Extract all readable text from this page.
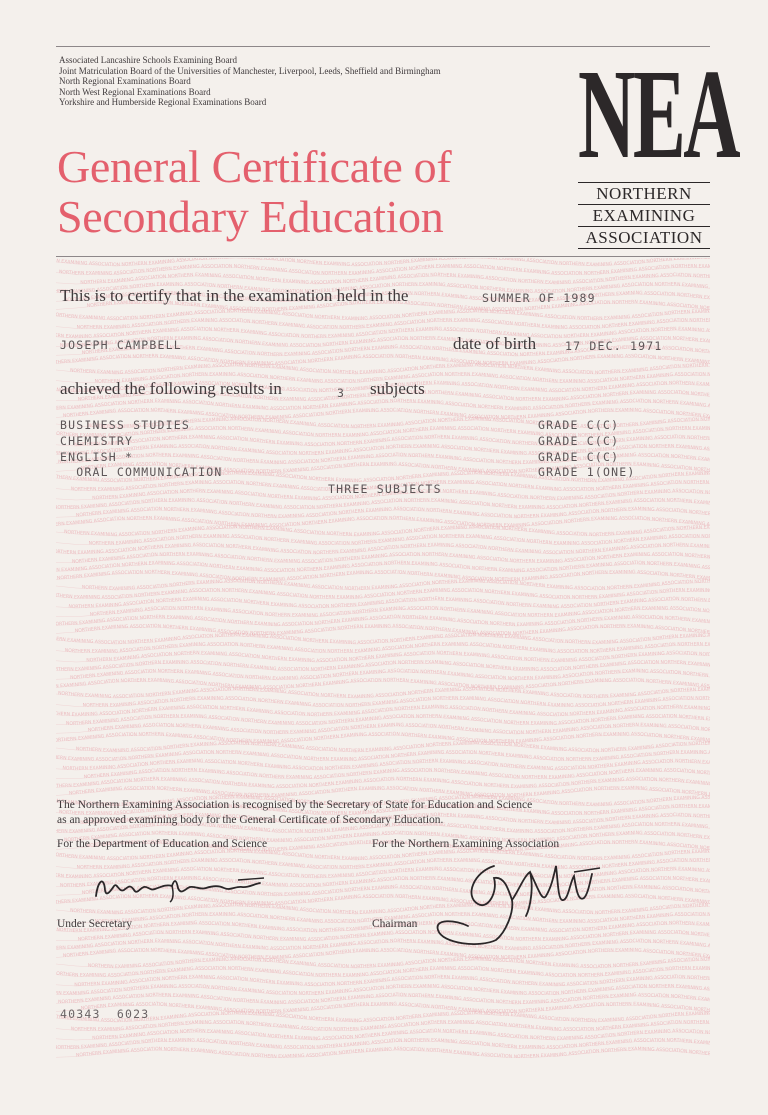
Associated Lancashire Schools Examining Board
Joint Matriculation Board of the Universities of Manchester, Liverpool, Leeds, Sheffield and Birmingham
North Regional Examinations Board
North West Regional Examinations Board
Yorkshire and Humberside Regional Examinations Board
General Certificate of
Secondary Education
NEA
NORTHERN
EXAMINING
ASSOCIATION
N EXAMINING ASSOCIATION NORTHERN EXAMINING ASSOCIATION NORTH MINING ASSOCIATION NORTHERN EXAMINING ASSOCIATION NORTHERN EXAMINING ASSOCIATIO HERN EXAMINING ASSOCIATION NORTHERN EXAMINING ASSOCIATION NORTHERN EXAMINING A
NORTHERN EXAMINING ASSOCIATION NORTHERN EXAMINING ASSOCIATION NORTHERN EXAMINING ASSOCIATION NORTHERN EXAMINING ASSOCIATION NORTHERN EXAMINING ASSOCIATION NORTHERN EXAMINING ASSOCIATION NORTHERN EXAMINING ASSOCIATION NORTHERN EXA
NORTHERN EXAMINING ASSOCIATION NORTHERN EXAMINING ASSOCIATION NORTHERN EXAMINING ASSOCIATION NORTHERN EXAMINING ASSOCIATION NORTHERN EXAMINING ASSOCIATION NORTHERN EXAMINING ASSOCIATION NORTHERN EXAMINING ASSOCIATION NORTH
ERN EXAMINING ASSOCIATION NORTHERN EXAMINING ASSOCIATION NORTHERN EXAMINING ASSOCIATION NORTHERN EXAMINING ASSOCIATION NORTHERN EXAMINING ASSOCIATION NORTHERN EXAMINING ASSOCIATION NORTHERN EXAMINING ASSOCIATION NORTHERN EXAMINING
NORTHERN EXAMINING ASSOCIATION NORTHERN EXAMINING ASSOCIATION NORTHERN EXAMINING ASSOCIATION NORTHERN EXAMINING ASSOCIATION NORTHERN EXAMINING ASSOCIATION NORTHERN EXAMINING ASSOCIATION NORTHERN EXAMINING ASSOCIATION NORTHERN EX
NORTHERN EXAMINING ASSOCIATION NORTHERN EXAMINING ASSOCIATION NORTHERN EXAMINING ASSOCIATION NORTHERN EXAMINING ASSOCIATION NORTHERN EXAMINING ASSOCIATION NORTHERN EXAMINING ASSOCIATION NORTHERN EXAMINING ASSOCIATION NOR
RTHERN EXAMINING ASSOCIATION NORTHERN EXAMINING ASSOCIATION NORTHERN EXAMINING ASSOCIATION NORTHERN EXAMINING ASSOCIATION NORTHERN EXAMINING ASSOCIATION NORTHERN EXAMINING ASSOCIATION NORTHERN EXAMINING ASSOCIATION NORTHERN EXAMIN
NORTHERN EXAMINING ASSOCIATION NORTHERN EXAMINING ASSOCIATION NORTHERN EXAMINING ASSOCIATION NORTHERN EXAMINING ASSOCIATION NORTHERN EXAMINING ASSOCIATION NORTHERN EXAMINING ASSOCIATION NORTHERN EXAMINING ASSOCIATION NORTHE
RN EXAMINING ASSOCIATION NORTHERN EXAMINING ASSOCIATION NORTHERN EXAMINING ASSOCIATION NORTHERN EXAMINING ASSOCIATION NORTHERN EXAMINING ASSOCIATION NORTHERN EXAMINING ASSOCIATION NORTHERN EXAMINING ASSOCIATION NORTHERN EXAMINING A
NORTHERN EXAMINING ASSOCIATION NORTHERN EXAMINING ASSOCIATION NORTHERN EXAMINING ASSOCIATION NORTHERN EXAMINING ASSOCIATION NORTHERN EXAMINING ASSOCIATION NORTHERN EXAMINING ASSOCIATION NORTHERN EXAMINING ASSOCIATION NORTHERN EXA
NORTHERN EXAMINING ASSOCIATION NORTHERN EXAMINING ASSOCIATION NORTHERN EXAMINING ASSOCIATION NORTHERN EXAMINING ASSOCIATION NORTHERN EXAMINING ASSOCIATION NORTHERN EXAMINING ASSOCIATION NORTHERN EXAMINING ASSOCIATION NORT
HERN EXAMINING ASSOCIATION NORTHERN EXAMINING ASSOCIATION NORTHERN EXAMINING ASSOCIATION NORTHERN EXAMINING ASSOCIATION NORTHERN EXAMINING ASSOCIATION NORTHERN EXAMINING ASSOCIATION NORTHERN EXAMINING ASSOCIATION NORTHERN EXAMININ
NORTHERN EXAMINING ASSOCIATION NORTHERN EXAMINING ASSOCIATION NORTHERN EXAMINING ASSOCIATION NORTHERN EXAMINING ASSOCIATION NORTHERN EXAMINING ASSOCIATION NORTHERN EXAMINING ASSOCIATION NORTHERN EXAMINING ASSOCIATION NORTHERN
NORTHERN EXAMINING ASSOCIATION NORTHERN EXAMINING ASSOCIATION NORTHERN EXAMINING ASSOCIATION NORTHERN EXAMINING ASSOCIATION NORTHERN EXAMINING ASSOCIATION NORTHERN EXAMINING ASSOCIATION NORTHERN EXAMINING ASSOCIATION
NORTHERN EXAMINING ASSOCIATION NORTHERN EXAMINING ASSOCIATION NORTHERN EXAMINING ASSOCIATION NORTHERN EXAMINING ASSOCIATION NORTHERN EXAMINING ASSOCIATION NORTHERN EXAMINING ASSOCIATION NORTHERN EXAMINING ASSOCIATION NORTHERN EXAM
NORTHERN EXAMINING ASSOCIATION NORTHERN EXAMINING ASSOCIATION NORTHERN EXAMINING ASSOCIATION NORTHERN EXAMINING ASSOCIATION NORTHERN EXAMINING ASSOCIATION NORTHERN EXAMINING ASSOCIATION NORTHERN EXAMINING ASSOCIATION NORTHE
ERN EXAMINING ASSOCIATION NORTHERN EXAMINING ASSOCIATION NORTHERN EXAMINING ASSOCIATION NORTHERN EXAMINING ASSOCIATION NORTHERN EXAMINING ASSOCIATION NORTHERN EXAMINING ASSOCIATION NORTHERN EXAMINING ASSOCIATION NORTHERN EXAMINING
NORTHERN EXAMINING ASSOCIATION NORTHERN EXAMINING ASSOCIATION NORTHERN EXAMINING ASSOCIATION NORTHERN EXAMINING ASSOCIATION NORTHERN EXAMINING ASSOCIATION NORTHERN EXAMINING ASSOCIATION NORTHERN EXAMINING ASSOCIATION NORTHERN EX
NORTHERN EXAMINING ASSOCIATION NORTHERN EXAMINING ASSOCIATION NORTHERN EXAMINING ASSOCIATION NORTHERN EXAMINING ASSOCIATION NORTHERN EXAMINING ASSOCIATION NORTHERN EXAMINING ASSOCIATION NORTHERN EXAMINING ASSOCIATION NO
ORTHERN EXAMINING ASSOCIATION NORTHERN EXAMINING ASSOCIATION NORTHERN EXAMINING ASSOCIATION NORTHERN EXAMINING ASSOCIATION NORTHERN EXAMINING ASSOCIATION NORTHERN EXAMINING ASSOCIATION NORTHERN EXAMINING ASSOCIATION NORTHERN EXAMI
NORTHERN EXAMINING ASSOCIATION NORTHERN EXAMINING ASSOCIATION NORTHERN EXAMINING ASSOCIATION NORTHERN EXAMINING ASSOCIATION NORTHERN EXAMINING ASSOCIATION NORTHERN EXAMINING ASSOCIATION NORTHERN EXAMINING ASSOCIATION NORTHER
N EXAMINING ASSOCIATION NORTHERN EXAMINING ASSOCIATION NORTHERN EXAMINING ASSOCIATION NORTHERN EXAMINING ASSOCIATION NORTHERN EXAMINING ASSOCIATION NORTHERN EXAMINING ASSOCIATION NORTHERN EXAMINING ASSOCIATION NORTHERN EXAMINING AS
NORTHERN EXAMINING ASSOCIATION NORTHERN EXAMINING ASSOCIATION NORTHERN EXAMINING ASSOCIATION NORTHERN EXAMINING ASSOCIATION NORTHERN EXAMINING ASSOCIATION NORTHERN EXAMINING ASSOCIATION NORTHERN EXAMINING ASSOCIATION NORTHERN EXA
NORTHERN EXAMINING ASSOCIATION NORTHERN EXAMINING ASSOCIATION NORTHERN EXAMINING ASSOCIATION NORTHERN EXAMINING ASSOCIATION NORTHERN EXAMINING ASSOCIATION NORTHERN EXAMINING ASSOCIATION NORTHERN EXAMINING ASSOCIATION NORTH
HERN EXAMINING ASSOCIATION NORTHERN EXAMINING ASSOCIATION NORTHERN EXAMINING ASSOCIATION NORTHERN EXAMINING ASSOCIATION NORTHERN EXAMINING ASSOCIATION NORTHERN EXAMINING ASSOCIATION NORTHERN EXAMINING ASSOCIATION NORTHERN EXAMININ
NORTHERN EXAMINING ASSOCIATION NORTHERN EXAMINING ASSOCIATION NORTHERN EXAMINING ASSOCIATION NORTHERN EXAMINING ASSOCIATION NORTHERN EXAMINING ASSOCIATION NORTHERN EXAMINING ASSOCIATION NORTHERN EXAMINING ASSOCIATION NORTHERN
NORTHERN EXAMINING ASSOCIATION NORTHERN EXAMINING ASSOCIATION NORTHERN EXAMINING ASSOCIATION NORTHERN EXAMINING ASSOCIATION NORTHERN EXAMINING ASSOCIATION NORTHERN EXAMINING ASSOCIATION NORTHERN EXAMINING ASSOCIATION N
ORTHERN EXAMINING ASSOCIATION NORTHERN EXAMINING ASSOCIATION NORTHERN EXAMINING ASSOCIATION NORTHERN EXAMINING ASSOCIATION NORTHERN EXAMINING ASSOCIATION NORTHERN EXAMINING ASSOCIATION NORTHERN EXAMINING ASSOCIATION NORTHERN EXAMI
NORTHERN EXAMINING ASSOCIATION NORTHERN EXAMINING ASSOCIATION NORTHERN EXAMINING ASSOCIATION NORTHERN EXAMINING ASSOCIATION NORTHERN EXAMINING ASSOCIATION NORTHERN EXAMINING ASSOCIATION NORTHERN EXAMINING ASSOCIATION NORTHE
RN EXAMINING ASSOCIATION NORTHERN EXAMINING ASSOCIATION NORTHERN EXAMINING ASSOCIATION NORTHERN EXAMINING ASSOCIATION NORTHERN EXAMINING ASSOCIATION NORTHERN EXAMINING ASSOCIATION NORTHERN EXAMINING ASSOCIATION NORTHERN EXAMINING A
NORTHERN EXAMINING ASSOCIATION NORTHERN EXAMINING ASSOCIATION NORTHERN EXAMINING ASSOCIATION NORTHERN EXAMINING ASSOCIATION NORTHERN EXAMINING ASSOCIATION NORTHERN EXAMINING ASSOCIATION NORTHERN EXAMINING ASSOCIATION NORTHERN EX
NORTHERN EXAMINING ASSOCIATION NORTHERN EXAMINING ASSOCIATION NORTHERN EXAMINING ASSOCIATION NORTHERN EXAMINING ASSOCIATION NORTHERN EXAMINING ASSOCIATION NORTHERN EXAMINING ASSOCIATION NORTHERN EXAMINING ASSOCIATION NO
RTHERN EXAMINING ASSOCIATION NORTHERN EXAMINING ASSOCIATION NORTHERN EXAMINING ASSOCIATION NORTHERN EXAMINING ASSOCIATION NORTHERN EXAMINING ASSOCIATION NORTHERN EXAMINING ASSOCIATION NORTHERN EXAMINING ASSOCIATION NORTHERN EXAMINI
NORTHERN EXAMINING ASSOCIATION NORTHERN EXAMINING ASSOCIATION NORTHERN EXAMINING ASSOCIATION NORTHERN EXAMINING ASSOCIATION NORTHERN EXAMINING ASSOCIATION NORTHERN EXAMINING ASSOCIATION NORTHERN EXAMINING ASSOCIATION NORTHER
N EXAMINING ASSOCIATION NORTHERN EXAMINING ASSOCIATION NORTHERN EXAMINING ASSOCIATION NORTHERN EXAMINING ASSOCIATION NORTHERN EXAMINING ASSOCIATION NORTHERN EXAMINING ASSOCIATION NORTHERN EXAMINING ASSOCIATION NORTHERN EXAMINING AS
NORTHERN EXAMINING ASSOCIATION NORTHERN EXAMINING ASSOCIATION NORTHERN EXAMINING ASSOCIATION NORTHERN EXAMINING ASSOCIATION NORTHERN EXAMINING ASSOCIATION NORTHERN EXAMINING ASSOCIATION NORTHERN EXAMINING ASSOCIATION NORTHERN EXAM
NORTHERN EXAMINING ASSOCIATION NORTHERN EXAMINING ASSOCIATION NORTHERN EXAMINING ASSOCIATION NORTHERN EXAMINING ASSOCIATION NORTHERN EXAMINING ASSOCIATION NORTHERN EXAMINING ASSOCIATION NORTHERN EXAMINING ASSOCIATION NORT
THERN EXAMINING ASSOCIATION NORTHERN EXAMINING ASSOCIATION NORTHERN EXAMINING ASSOCIATION NORTHERN EXAMINING ASSOCIATION NORTHERN EXAMINING ASSOCIATION NORTHERN EXAMINING ASSOCIATION NORTHERN EXAMINING ASSOCIATION NORTHERN EXAMININ
NORTHERN EXAMINING ASSOCIATION NORTHERN EXAMINING ASSOCIATION NORTHERN EXAMINING ASSOCIATION NORTHERN EXAMINING ASSOCIATION NORTHERN EXAMINING ASSOCIATION NORTHERN EXAMINING ASSOCIATION NORTHERN EXAMINING ASSOCIATION NORTHERN
NORTHERN EXAMINING ASSOCIATION NORTHERN EXAMINING ASSOCIATION NORTHERN EXAMINING ASSOCIATION NORTHERN EXAMINING ASSOCIATION NORTHERN EXAMINING ASSOCIATION NORTHERN EXAMINING ASSOCIATION NORTHERN EXAMINING ASSOCIATION NO
RTHERN EXAMINING ASSOCIATION NORTHERN EXAMINING ASSOCIATION NORTHERN EXAMINING ASSOCIATION NORTHERN EXAMINING ASSOCIATION NORTHERN EXAMINING ASSOCIATION NORTHERN EXAMINING ASSOCIATION NORTHERN EXAMINING ASSOCIATION NORTHERN EXAMIN
NORTHERN EXAMINING ASSOCIATION NORTHERN EXAMINING ASSOCIATION NORTHERN EXAMINING ASSOCIATION NORTHERN EXAMINING ASSOCIATION NORTHERN EXAMINING ASSOCIATION NORTHERN EXAMINING ASSOCIATION NORTHERN EXAMINING ASSOCIATION NORTHER
ERN EXAMINING ASSOCIATION NORTHERN EXAMINING ASSOCIATION NORTHERN EXAMINING ASSOCIATION NORTHERN EXAMINING ASSOCIATION NORTHERN EXAMINING ASSOCIATION NORTHERN EXAMINING ASSOCIATION NORTHERN EXAMINING ASSOCIATION NORTHERN EXAMINING
NORTHERN EXAMINING ASSOCIATION NORTHERN EXAMINING ASSOCIATION NORTHERN EXAMINING ASSOCIATION NORTHERN EXAMINING ASSOCIATION NORTHERN EXAMINING ASSOCIATION NORTHERN EXAMINING ASSOCIATION NORTHERN EXAMINING ASSOCIATION NORTHERN E
NORTHERN EXAMINING ASSOCIATION NORTHERN EXAMINING ASSOCIATION NORTHERN EXAMINING ASSOCIATION NORTHERN EXAMINING ASSOCIATION NORTHERN EXAMINING ASSOCIATION NORTHERN EXAMINING ASSOCIATION NORTHERN EXAMINING ASSOCIATION NOR
THERN EXAMINING ASSOCIATION NORTHERN EXAMINING ASSOCIATION NORTHERN EXAMINING ASSOCIATION NORTHERN EXAMINING ASSOCIATION NORTHERN EXAMINING ASSOCIATION NORTHERN EXAMINING ASSOCIATION NORTHERN EXAMINING ASSOCIATION NORTHERN EXAMINI
NORTHERN EXAMINING ASSOCIATION NORTHERN EXAMINING ASSOCIATION NORTHERN EXAMINING ASSOCIATION NORTHERN EXAMINING ASSOCIATION NORTHERN EXAMINING ASSOCIATION NORTHERN EXAMINING ASSOCIATION NORTHERN EXAMINING ASSOCIATION NORTHERN
EXAMINING ASSOCIATION NORTHERN EXAMINING ASSOCIATION NORTHERN EXAMINING ASSOCIATION NORTHERN EXAMINING ASSOCIATION NORTHERN EXAMINING ASSOCIATION NORTHERN EXAMINING ASSOCIATION NORTHERN EXAMINING ASSOCIATION NORTHERN EXAMINING ASS
NORTHERN EXAMINING ASSOCIATION NORTHERN EXAMINING ASSOCIATION NORTHERN EXAMINING ASSOCIATION NORTHERN EXAMINING ASSOCIATION NORTHERN EXAMINING ASSOCIATION NORTHERN EXAMINING ASSOCIATION NORTHERN EXAMINING ASSOCIATION NORTHERN EXA
NORTHERN EXAMINING ASSOCIATION NORTHERN EXAMINING ASSOCIATION NORTHERN EXAMINING ASSOCIATION NORTHERN EXAMINING ASSOCIATION NORTHERN EXAMINING ASSOCIATION NORTHERN EXAMINING ASSOCIATION NORTHERN EXAMINING ASSOCIATION NORT
HERN EXAMINING ASSOCIATION NORTHERN EXAMINING ASSOCIATION NORTHERN EXAMINING ASSOCIATION NORTHERN EXAMINING ASSOCIATION NORTHERN EXAMINING ASSOCIATION NORTHERN EXAMINING ASSOCIATION NORTHERN EXAMINING ASSOCIATION NORTHERN EXAMININ
NORTHERN EXAMINING ASSOCIATION NORTHERN EXAMINING ASSOCIATION NORTHERN EXAMINING ASSOCIATION NORTHERN EXAMINING ASSOCIATION NORTHERN EXAMINING ASSOCIATION NORTHERN EXAMINING ASSOCIATION NORTHERN EXAMINING ASSOCIATION NORTHERN E
NORTHERN EXAMINING ASSOCIATION NORTHERN EXAMINING ASSOCIATION NORTHERN EXAMINING ASSOCIATION NORTHERN EXAMINING ASSOCIATION NORTHERN EXAMINING ASSOCIATION NORTHERN EXAMINING ASSOCIATION NORTHERN EXAMINING ASSOCIATION NO
RTHERN EXAMINING ASSOCIATION NORTHERN EXAMINING ASSOCIATION NORTHERN EXAMINING ASSOCIATION NORTHERN EXAMINING ASSOCIATION NORTHERN EXAMINING ASSOCIATION NORTHERN EXAMINING ASSOCIATION NORTHERN EXAMINING ASSOCIATION NORTHERN EXAMIN
NORTHERN EXAMINING ASSOCIATION NORTHERN EXAMINING ASSOCIATION NORTHERN EXAMINING ASSOCIATION NORTHERN EXAMINING ASSOCIATION NORTHERN EXAMINING ASSOCIATION NORTHERN EXAMINING ASSOCIATION NORTHERN EXAMINING ASSOCIATION NORTHE
ERN EXAMINING ASSOCIATION NORTHERN EXAMINING ASSOCIATION NORTHERN EXAMINING ASSOCIATION NORTHERN EXAMINING ASSOCIATION NORTHERN EXAMINING ASSOCIATION NORTHERN EXAMINING ASSOCIATION NORTHERN EXAMINING ASSOCIATION NORTHERN EXAMINING
NORTHERN EXAMINING ASSOCIATION NORTHERN EXAMINING ASSOCIATION NORTHERN EXAMINING ASSOCIATION NORTHERN EXAMINING ASSOCIATION NORTHERN EXAMINING ASSOCIATION NORTHERN EXAMINING ASSOCIATION NORTHERN EXAMINING ASSOCIATION NORTHERN EX
NORTHERN EXAMINING ASSOCIATION NORTHERN EXAMINING ASSOCIATION NORTHERN EXAMINING ASSOCIATION NORTHERN EXAMINING ASSOCIATION NORTHERN EXAMINING ASSOCIATION NORTHERN EXAMINING ASSOCIATION NORTHERN EXAMINING ASSOCIATION NORT
THERN EXAMINING ASSOCIATION NORTHERN EXAMINING ASSOCIATION NORTHERN EXAMINING ASSOCIATION NORTHERN EXAMINING ASSOCIATION NORTHERN EXAMINING ASSOCIATION NORTHERN EXAMINING ASSOCIATION NORTHERN EXAMINING ASSOCIATION NORTHERN EXAMININ
NORTHERN EXAMINING ASSOCIATION NORTHERN EXAMINING ASSOCIATION NORTHERN EXAMINING ASSOCIATION NORTHERN EXAMINING ASSOCIATION NORTHERN EXAMINING ASSOCIATION NORTHERN EXAMINING ASSOCIATION NORTHERN EXAMINING ASSOCIATION NORTHERN
N EXAMINING ASSOCIATION NORTHERN EXAMINING ASSOCIATION NORTHERN EXAMINING ASSOCIATION NORTHERN EXAMINING ASSOCIATION NORTHERN EXAMINING ASSOCIATION NORTHERN EXAMINING ASSOCIATION NORTHERN EXAMINING ASSOCIATION NORTHERN EXAMINING AS
NORTHERN EXAMINING ASSOCIATION NORTHERN EXAMINING ASSOCIATION NORTHERN EXAMINING ASSOCIATION NORTHERN EXAMINING ASSOCIATION NORTHERN EXAMINING ASSOCIATION NORTHERN EXAMINING ASSOCIATION NORTHERN EXAMINING ASSOCIATION NORTHERN EXA
NORTHERN EXAMINING ASSOCIATION NORTHERN EXAMINING ASSOCIATION NORTHERN EXAMINING ASSOCIATION NORTHERN EXAMINING ASSOCIATION NORTHERN EXAMINING ASSOCIATION NORTHERN EXAMINING ASSOCIATION NORTHERN EXAMINING ASSOCIATION NORTH
ERN EXAMINING ASSOCIATION NORTHERN EXAMINING ASSOCIATION NORTHERN EXAMINING ASSOCIATION NORTHERN EXAMINING ASSOCIATION NORTHERN EXAMINING ASSOCIATION NORTHERN EXAMINING ASSOCIATION NORTHERN EXAMINING ASSOCIATION NORTHERN EXAMINING
NORTHERN EXAMINING ASSOCIATION NORTHERN EXAMINING ASSOCIATION NORTHERN EXAMINING ASSOCIATION NORTHERN EXAMINING ASSOCIATION NORTHERN EXAMINING ASSOCIATION NORTHERN EXAMINING ASSOCIATION NORTHERN EXAMINING ASSOCIATION NORTHERN EX
NORTHERN EXAMINING ASSOCIATION NORTHERN EXAMINING ASSOCIATION NORTHERN EXAMINING ASSOCIATION NORTHERN EXAMINING ASSOCIATION NORTHERN EXAMINING ASSOCIATION NORTHERN EXAMINING ASSOCIATION NORTHERN EXAMINING ASSOCIATION NOR
RTHERN EXAMINING ASSOCIATION NORTHERN EXAMINING ASSOCIATION NORTHERN EXAMINING ASSOCIATION NORTHERN EXAMINING ASSOCIATION NORTHERN EXAMINING ASSOCIATION NORTHERN EXAMINING ASSOCIATION NORTHERN EXAMINING ASSOCIATION NORTHERN EXAMIN
NORTHERN EXAMINING ASSOCIATION NORTHERN EXAMINING ASSOCIATION NORTHERN EXAMINING ASSOCIATION NORTHERN EXAMINING ASSOCIATION NORTHERN EXAMINING ASSOCIATION NORTHERN EXAMINING ASSOCIATION NORTHERN EXAMINING ASSOCIATION NORTHE
RN EXAMINING ASSOCIATION NORTHERN EXAMINING ASSOCIATION NORTHERN EXAMINING ASSOCIATION NORTHERN EXAMINING ASSOCIATION NORTHERN EXAMINING ASSOCIATION NORTHERN EXAMINING ASSOCIATION NORTHERN EXAMINING ASSOCIATION NORTHERN EXAMINING A
NORTHERN EXAMINING ASSOCIATION NORTHERN EXAMINING ASSOCIATION NORTHERN EXAMINING ASSOCIATION NORTHERN EXAMINING ASSOCIATION NORTHERN EXAMINING ASSOCIATION NORTHERN EXAMINING ASSOCIATION NORTHERN EXAMINING ASSOCIATION NORTHERN EXA
NORTHERN EXAMINING ASSOCIATION NORTHERN EXAMINING ASSOCIATION NORTHERN EXAMINING ASSOCIATION NORTHERN EXAMINING ASSOCIATION NORTHERN EXAMINING ASSOCIATION NORTHERN EXAMINING ASSOCIATION NORTHERN EXAMINING ASSOCIATION NORT
HERN EXAMINING ASSOCIATION NORTHERN EXAMINING ASSOCIATION NORTHERN EXAMINING ASSOCIATION NORTHERN EXAMINING ASSOCIATION NORTHERN EXAMINING ASSOCIATION NORTHERN EXAMINING ASSOCIATION NORTHERN EXAMINING ASSOCIATION NORTHERN EXAMININ
NORTHERN EXAMINING ASSOCIATION NORTHERN EXAMINING ASSOCIATION NORTHERN EXAMINING ASSOCIATION NORTHERN EXAMINING ASSOCIATION NORTHERN EXAMINING ASSOCIATION NORTHERN EXAMINING ASSOCIATION NORTHERN EXAMINING ASSOCIATION NORTHERN
NORTHERN EXAMINING ASSOCIATION NORTHERN EXAMINING ASSOCIATION NORTHERN EXAMINING ASSOCIATION NORTHERN EXAMINING ASSOCIATION NORTHERN EXAMINING ASSOCIATION NORTHERN EXAMINING ASSOCIATION NORTHERN EXAMINING ASSOCIATION
NORTHERN EXAMINING ASSOCIATION NORTHERN EXAMINING ASSOCIATION NORTHERN EXAMINING ASSOCIATION NORTHERN EXAMINING ASSOCIATION NORTHERN EXAMINING ASSOCIATION NORTHERN EXAMINING ASSOCIATION NORTHERN EXAMINING ASSOCIATION NORTHERN EXAM
NORTHERN EXAMINING ASSOCIATION NORTHERN EXAMINING ASSOCIATION NORTHERN EXAMINING ASSOCIATION NORTHERN EXAMINING ASSOCIATION NORTHERN EXAMINING ASSOCIATION NORTHERN EXAMINING ASSOCIATION NORTHERN EXAMINING ASSOCIATION NORTHE
ERN EXAMINING ASSOCIATION NORTHERN EXAMINING ASSOCIATION NORTHERN EXAMINING ASSOCIATION NORTHERN EXAMINING ASSOCIATION NORTHERN EXAMINING ASSOCIATION NORTHERN EXAMINING ASSOCIATION NORTHERN EXAMINING ASSOCIATION NORTHERN EXAMINING
NORTHERN EXAMINING ASSOCIATION NORTHERN EXAMINING ASSOCIATION NORTHERN EXAMINING ASSOCIATION NORTHERN EXAMINING ASSOCIATION NORTHERN EXAMINING ASSOCIATION NORTHERN EXAMINING ASSOCIATION NORTHERN EXAMINING ASSOCIATION NORTHERN EX
NORTHERN EXAMINING ASSOCIATION NORTHERN EXAMINING ASSOCIATION NORTHERN EXAMINING ASSOCIATION NORTHERN EXAMINING ASSOCIATION NORTHERN EXAMINING ASSOCIATION NORTHERN EXAMINING ASSOCIATION NORTHERN EXAMINING ASSOCIATION NO
ORTHERN EXAMINING ASSOCIATION NORTHERN EXAMINING ASSOCIATION NORTHERN EXAMINING ASSOCIATION NORTHERN EXAMINING ASSOCIATION NORTHERN EXAMINING ASSOCIATION NORTHERN EXAMINING ASSOCIATION NORTHERN EXAMINING ASSOCIATION NORTHERN EXAMI
NORTHERN EXAMINING ASSOCIATION NORTHERN EXAMINING ASSOCIATION NORTHERN EXAMINING ASSOCIATION NORTHERN EXAMINING ASSOCIATION NORTHERN EXAMINING ASSOCIATION NORTHERN EXAMINING ASSOCIATION NORTHERN EXAMINING ASSOCIATION NORTHER
N EXAMINING ASSOCIATION NORTHERN EXAMINING ASSOCIATION NORTHERN EXAMINING ASSOCIATION NORTHERN EXAMINING ASSOCIATION NORTHERN EXAMINING ASSOCIATION NORTHERN EXAMINING ASSOCIATION NORTHERN EXAMINING ASSOCIATION NORTHERN EXAMINING AS
NORTHERN EXAMINING ASSOCIATION NORTHERN EXAMINING ASSOCIATION NORTHERN EXAMINING ASSOCIATION NORTHERN EXAMINING ASSOCIATION NORTHERN EXAMINING ASSOCIATION NORTHERN EXAMINING ASSOCIATION NORTHERN EXAMINING ASSOCIATION NORTHERN EXA
NORTHERN EXAMINING ASSOCIATION NORTHERN EXAMINING ASSOCIATION NORTHERN EXAMINING ASSOCIATION NORTHERN EXAMINING ASSOCIATION NORTHERN EXAMINING ASSOCIATION NORTHERN EXAMINING ASSOCIATION NORTHERN EXAMINING ASSOCIATION NORTH
HERN EXAMINING ASSOCIATION NORTHERN EXAMINING ASSOCIATION NORTHERN EXAMINING ASSOCIATION NORTHERN EXAMINING ASSOCIATION NORTHERN EXAMINING ASSOCIATION NORTHERN EXAMINING ASSOCIATION NORTHERN EXAMINING ASSOCIATION NORTHERN EXAMININ
NORTHERN EXAMINING ASSOCIATION NORTHERN EXAMINING ASSOCIATION NORTHERN EXAMINING ASSOCIATION NORTHERN EXAMINING ASSOCIATION NORTHERN EXAMINING ASSOCIATION NORTHERN EXAMINING ASSOCIATION NORTHERN EXAMINING ASSOCIATION NORTHERN
NORTHERN EXAMINING ASSOCIATION NORTHERN EXAMINING ASSOCIATION NORTHERN EXAMINING ASSOCIATION NORTHERN EXAMINING ASSOCIATION NORTHERN EXAMINING ASSOCIATION NORTHERN EXAMINING ASSOCIATION NORTHERN EXAMINING ASSOCIATION N
ORTHERN EXAMINING ASSOCIATION NORTHERN EXAMINING ASSOCIATION NORTHERN EXAMINING ASSOCIATION NORTHERN EXAMINING ASSOCIATION NORTHERN EXAMINING ASSOCIATION NORTHERN EXAMINING ASSOCIATION NORTHERN EXAMINING ASSOCIATION NORTHERN EXAMI
NORTHERN EXAMINING ASSOCIATION NORTHERN EXAMINING ASSOCIATION NORTHERN EXAMINING ASSOCIATION NORTHERN EXAMINING ASSOCIATION NORTHERN EXAMINING ASSOCIATION NORTHERN EXAMINING ASSOCIATION NORTHERN EXAMINING ASSOCIATION NORTHE
This is to certify that in the examination held in the	SUMMER OF 1989
JOSEPH CAMPBELL	date of birth	17 DEC. 1971
achieved the following results in	3 subjects
BUSINESS STUDIES	GRADE C(C)
CHEMISTRY	GRADE C(C)
ENGLISH *	GRADE C(C)
ORAL COMMUNICATION	GRADE 1(ONE)
THREE SUBJECTS
The Northern Examining Association is recognised by the Secretary of State for Education and Science
as an approved examining body for the General Certificate of Secondary Education.
For the Department of Education and Science	For the Northern Examining Association
Under Secretary	Chairman
40343  6023
